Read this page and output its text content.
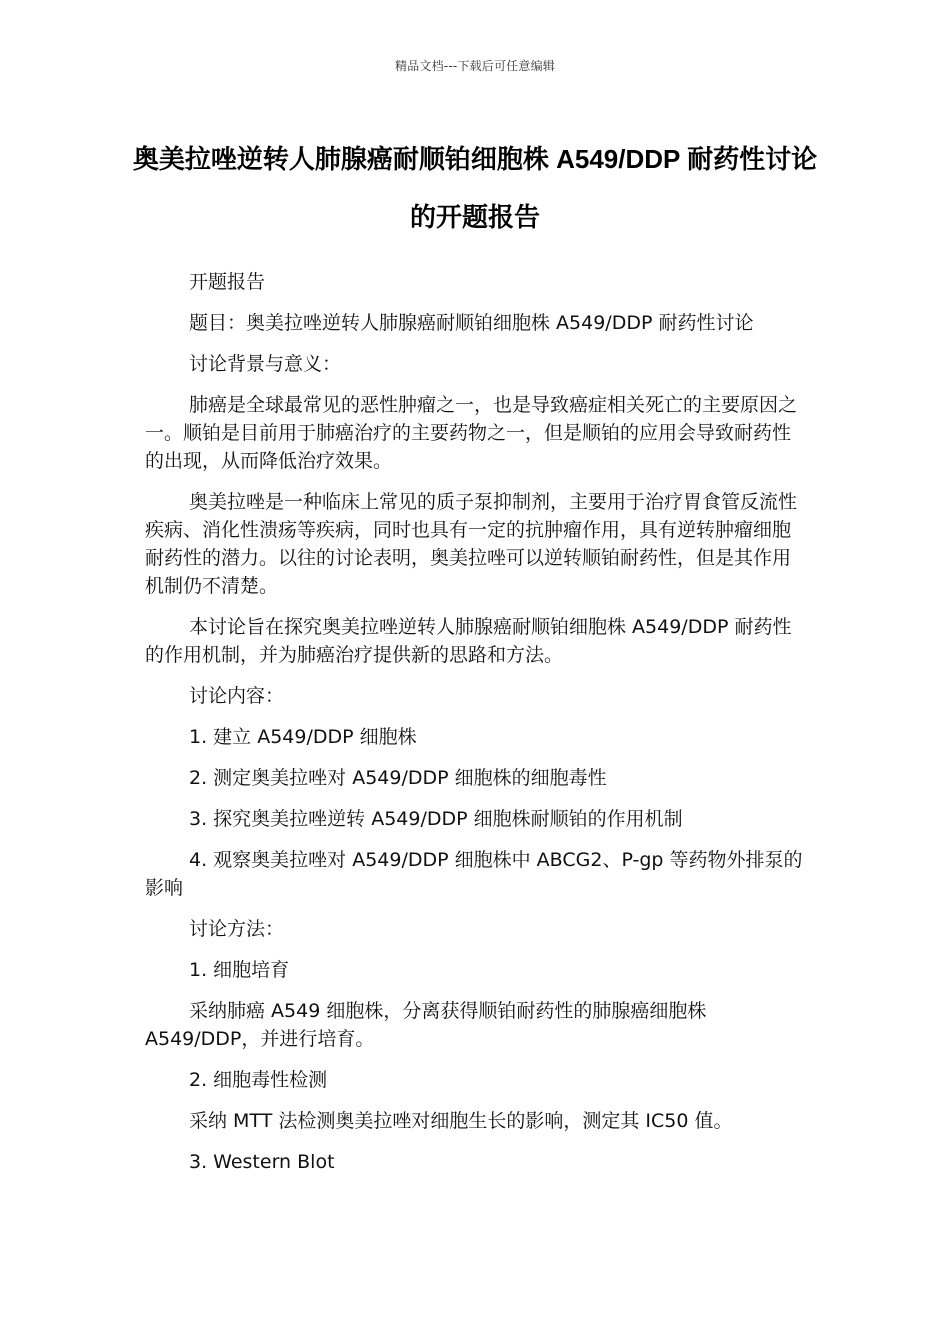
精品文档---下载后可任意编辑
奥美拉唑逆转人肺腺癌耐顺铂细胞株 A549/DDP 耐药性讨论的开题报告

开题报告

题目：奥美拉唑逆转人肺腺癌耐顺铂细胞株 A549/DDP 耐药性讨论

讨论背景与意义：

肺癌是全球最常见的恶性肿瘤之一，也是导致癌症相关死亡的主要原因之一。顺铂是目前用于肺癌治疗的主要药物之一，但是顺铂的应用会导致耐药性的出现，从而降低治疗效果。

奥美拉唑是一种临床上常见的质子泵抑制剂，主要用于治疗胃食管反流性疾病、消化性溃疡等疾病，同时也具有一定的抗肿瘤作用，具有逆转肿瘤细胞耐药性的潜力。以往的讨论表明，奥美拉唑可以逆转顺铂耐药性，但是其作用机制仍不清楚。

本讨论旨在探究奥美拉唑逆转人肺腺癌耐顺铂细胞株 A549/DDP 耐药性的作用机制，并为肺癌治疗提供新的思路和方法。

讨论内容：

1. 建立 A549/DDP 细胞株

2. 测定奥美拉唑对 A549/DDP 细胞株的细胞毒性

3. 探究奥美拉唑逆转 A549/DDP 细胞株耐顺铂的作用机制

4. 观察奥美拉唑对 A549/DDP 细胞株中 ABCG2、P-gp 等药物外排泵的影响

讨论方法：

1. 细胞培育

采纳肺癌 A549 细胞株，分离获得顺铂耐药性的肺腺癌细胞株 A549/DDP，并进行培育。

2. 细胞毒性检测

采纳 MTT 法检测奥美拉唑对细胞生长的影响，测定其 IC50 值。

3. Western Blot
